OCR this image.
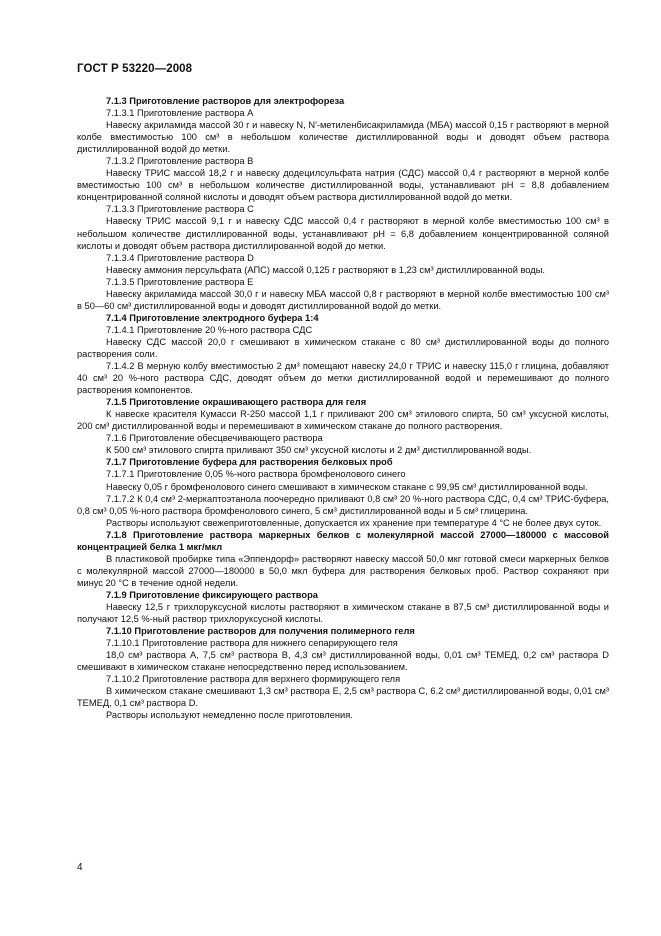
ГОСТ Р 53220—2008

7.1.3 Приготовление растворов для электрофореза

7.1.3.1 Приготовление раствора А

Навеску акриламида массой 30 г и навеску N, N'-метиленбисакриламида (МБА) массой 0,15 г растворяют в мерной колбе вместимостью 100 см³ в небольшом количестве дистиллированной воды и доводят объем раствора дистиллированной водой до метки.

7.1.3.2 Приготовление раствора В

Навеску ТРИС массой 18,2 г и навеску додецилсульфата натрия (СДС) массой 0,4 г растворяют в мерной колбе вместимостью 100 см³ в небольшом количестве дистиллированной воды, устанавливают pH = 8,8 добавлением концентрированной соляной кислоты и доводят объем раствора дистиллированной водой до метки.

7.1.3.3 Приготовление раствора С

Навеску ТРИС массой 9,1 г и навеску СДС массой 0,4 г растворяют в мерной колбе вместимостью 100 см³ в небольшом количестве дистиллированной воды, устанавливают pH = 6,8 добавлением концентрированной соляной кислоты и доводят объем раствора дистиллированной водой до метки.

7.1.3.4 Приготовление раствора D

Навеску аммония персульфата (АПС) массой 0,125 г растворяют в 1,23 см³ дистиллированной воды.

7.1.3.5 Приготовление раствора Е

Навеску акриламида массой 30,0 г и навеску МБА массой 0,8 г растворяют в мерной колбе вместимостью 100 см³ в 50—60 см³ дистиллированной воды и доводят дистиллированной водой до метки.

7.1.4 Приготовление электродного буфера 1:4

7.1.4.1 Приготовление 20 %-ного раствора СДС

Навеску СДС массой 20,0 г смешивают в химическом стакане с 80 см³ дистиллированной воды до полного растворения соли.

7.1.4.2 В мерную колбу вместимостью 2 дм³ помещают навеску 24,0 г ТРИС и навеску 115,0 г глицина, добавляют 40 см³ 20 %-ного раствора СДС, доводят объем до метки дистиллированной водой и перемешивают до полного растворения компонентов.

7.1.5 Приготовление окрашивающего раствора для геля

К навеске красителя Кумасси R-250 массой 1,1 г приливают 200 см³ этилового спирта, 50 см³ уксусной кислоты, 200 см³ дистиллированной воды и перемешивают в химическом стакане до полного растворения.

7.1.6 Приготовление обесцвечивающего раствора

К 500 см³ этилового спирта приливают 350 см³ уксусной кислоты и 2 дм³ дистиллированной воды.

7.1.7 Приготовление буфера для растворения белковых проб

7.1.7.1 Приготовление 0,05 %-ного раствора бромфенолового синего

Навеску 0,05 г бромфенолового синего смешивают в химическом стакане с 99,95 см³ дистиллированной воды.

7.1.7.2 К 0,4 см³ 2-меркаптоэтанола поочередно приливают 0,8 см³ 20 %-ного раствора СДС, 0,4 см³ ТРИС-буфера, 0,8 см³ 0,05 %-ного раствора бромфенолового синего, 5 см³ дистиллированной воды и 5 см³ глицерина.

Растворы используют свежеприготовленные, допускается их хранение при температуре 4 °С не более двух суток.

7.1.8 Приготовление раствора маркерных белков с молекулярной массой 27000—180000 с массовой концентрацией белка 1 мкг/мкл

В пластиковой пробирке типа «Эппендорф» растворяют навеску массой 50,0 мкг готовой смеси маркерных белков с молекулярной массой 27000—180000 в 50,0 мкл буфера для растворения белковых проб. Раствор сохраняют при минус 20 °С в течение одной недели.

7.1.9 Приготовление фиксирующего раствора

Навеску 12,5 г трихлоруксусной кислоты растворяют в химическом стакане в 87,5 см³ дистиллированной воды и получают 12,5 %-ный раствор трихлоруксусной кислоты.

7.1.10 Приготовление растворов для получения полимерного геля

7.1.10.1 Приготовление раствора для нижнего сепарирующего геля

18,0 см³ раствора А, 7,5 см³ раствора В, 4,3 см³ дистиллированной воды, 0,01 см³ ТЕМЕД, 0,2 см³ раствора D смешивают в химическом стакане непосредственно перед использованием.

7.1.10.2 Приготовление раствора для верхнего формирующего геля

В химическом стакане смешивают 1,3 см³ раствора Е, 2,5 см³ раствора С, 6.2 см³ дистиллированной воды, 0,01 см³ ТЕМЕД, 0,1 см³ раствора D.

Растворы используют немедленно после приготовления.

4
